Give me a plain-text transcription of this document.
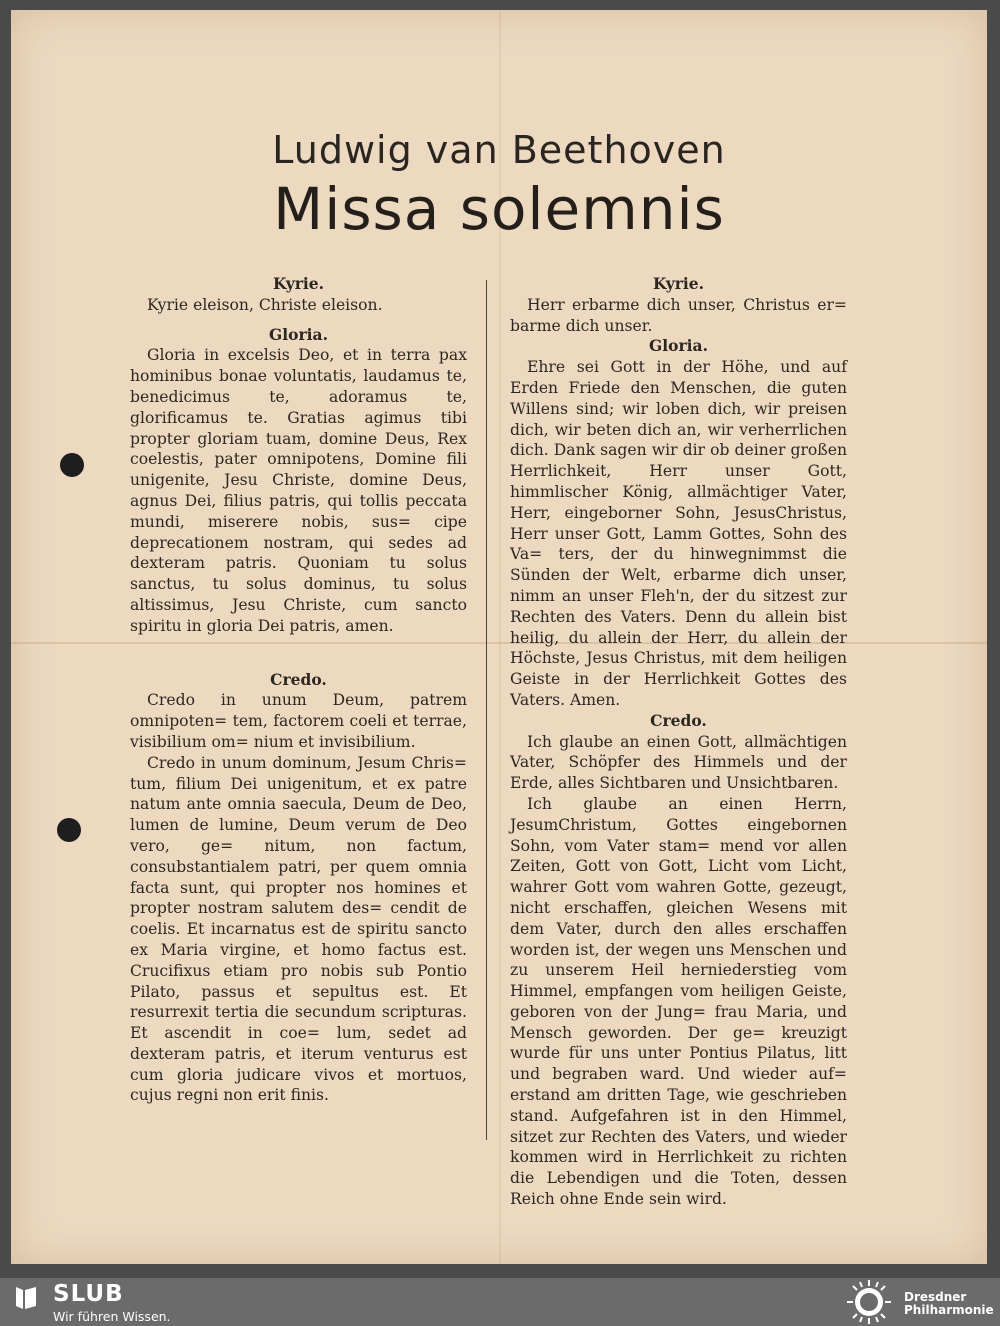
Ludwig van Beethoven
Missa solemnis

Kyrie.

Kyrie eleison, Christe eleison.

Gloria.

Gloria in excelsis Deo, et in terra pax hominibus bonae voluntatis, laudamus te, benedicimus te, adoramus te, glorificamus te. Gratias agimus tibi propter gloriam tuam, domine Deus, Rex coelestis, pater omnipotens, Domine fili unigenite, Jesu Christe, domine Deus, agnus Dei, filius patris, qui tollis peccata mundi, miserere nobis, sus= cipe deprecationem nostram, qui sedes ad dexteram patris. Quoniam tu solus sanctus, tu solus dominus, tu solus altissimus, Jesu Christe, cum sancto spiritu in gloria Dei patris, amen.

Credo.

Credo in unum Deum, patrem omnipoten= tem, factorem coeli et terrae, visibilium om= nium et invisibilium.

Credo in unum dominum, Jesum Chris= tum, filium Dei unigenitum, et ex patre natum ante omnia saecula, Deum de Deo, lumen de lumine, Deum verum de Deo vero, ge= nitum, non factum, consubstantialem patri, per quem omnia facta sunt, qui propter nos homines et propter nostram salutem des= cendit de coelis. Et incarnatus est de spiritu sancto ex Maria virgine, et homo factus est. Crucifixus etiam pro nobis sub Pontio Pilato, passus et sepultus est. Et resurrexit tertia die secundum scripturas. Et ascendit in coe= lum, sedet ad dexteram patris, et iterum venturus est cum gloria judicare vivos et mortuos, cujus regni non erit finis.

Kyrie.

Herr erbarme dich unser, Christus er= barme dich unser.

Gloria.

Ehre sei Gott in der Höhe, und auf Erden Friede den Menschen, die guten Willens sind; wir loben dich, wir preisen dich, wir beten dich an, wir verherrlichen dich. Dank sagen wir dir ob deiner großen Herrlichkeit, Herr unser Gott, himmlischer König, allmächtiger Vater, Herr, eingeborner Sohn, JesusChristus, Herr unser Gott, Lamm Gottes, Sohn des Va= ters, der du hinwegnimmst die Sünden der Welt, erbarme dich unser, nimm an unser Fleh'n, der du sitzest zur Rechten des Vaters. Denn du allein bist heilig, du allein der Herr, du allein der Höchste, Jesus Christus, mit dem heiligen Geiste in der Herrlichkeit Gottes des Vaters. Amen.

Credo.

Ich glaube an einen Gott, allmächtigen Vater, Schöpfer des Himmels und der Erde, alles Sichtbaren und Unsichtbaren.

Ich glaube an einen Herrn, JesumChristum, Gottes eingebornen Sohn, vom Vater stam= mend vor allen Zeiten, Gott von Gott, Licht vom Licht, wahrer Gott vom wahren Gotte, gezeugt, nicht erschaffen, gleichen Wesens mit dem Vater, durch den alles erschaffen worden ist, der wegen uns Menschen und zu unserem Heil herniederstieg vom Himmel, empfangen vom heiligen Geiste, geboren von der Jung= frau Maria, und Mensch geworden. Der ge= kreuzigt wurde für uns unter Pontius Pilatus, litt und begraben ward. Und wieder auf= erstand am dritten Tage, wie geschrieben stand. Aufgefahren ist in den Himmel, sitzet zur Rechten des Vaters, und wieder kommen wird in Herrlichkeit zu richten die Lebendigen und die Toten, dessen Reich ohne Ende sein wird.

SLUB
Wir führen Wissen.
Dresdner
Philharmonie
